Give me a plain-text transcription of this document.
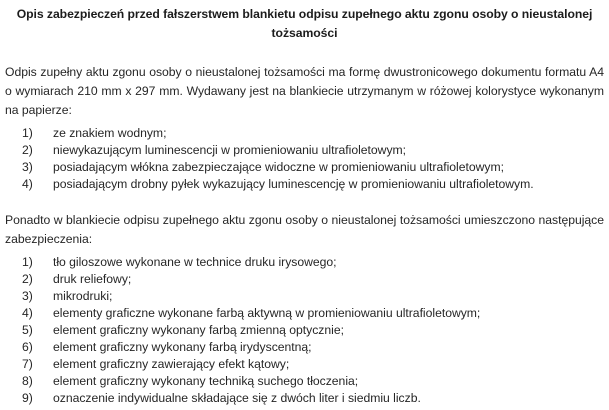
Opis zabezpieczeń przed fałszerstwem blankietu odpisu zupełnego aktu zgonu osoby o nieustalonej tożsamości

Odpis zupełny aktu zgonu osoby o nieustalonej tożsamości ma formę dwustronicowego dokumentu formatu A4 o wymiarach 210 mm x 297 mm. Wydawany jest na blankiecie utrzymanym w różowej kolorystyce wykonanym na papierze:

1)	ze znakiem wodnym;
2)	niewykazującym luminescencji w promieniowaniu ultrafioletowym;
3)	posiadającym włókna zabezpieczające widoczne w promieniowaniu ultrafioletowym;
4)	posiadającym drobny pyłek wykazujący luminescencję w promieniowaniu ultrafioletowym.

Ponadto w blankiecie odpisu zupełnego aktu zgonu osoby o nieustalonej tożsamości umieszczono następujące zabezpieczenia:

1)	tło giloszowe wykonane w technice druku irysowego;
2)	druk reliefowy;
3)	mikrodruki;
4)	elementy graficzne wykonane farbą aktywną w promieniowaniu ultrafioletowym;
5)	element graficzny wykonany farbą zmienną optycznie;
6)	element graficzny wykonany farbą irydyscentną;
7)	element graficzny zawierający efekt kątowy;
8)	element graficzny wykonany techniką suchego tłoczenia;
9)	oznaczenie indywidualne składające się z dwóch liter i siedmiu liczb.
